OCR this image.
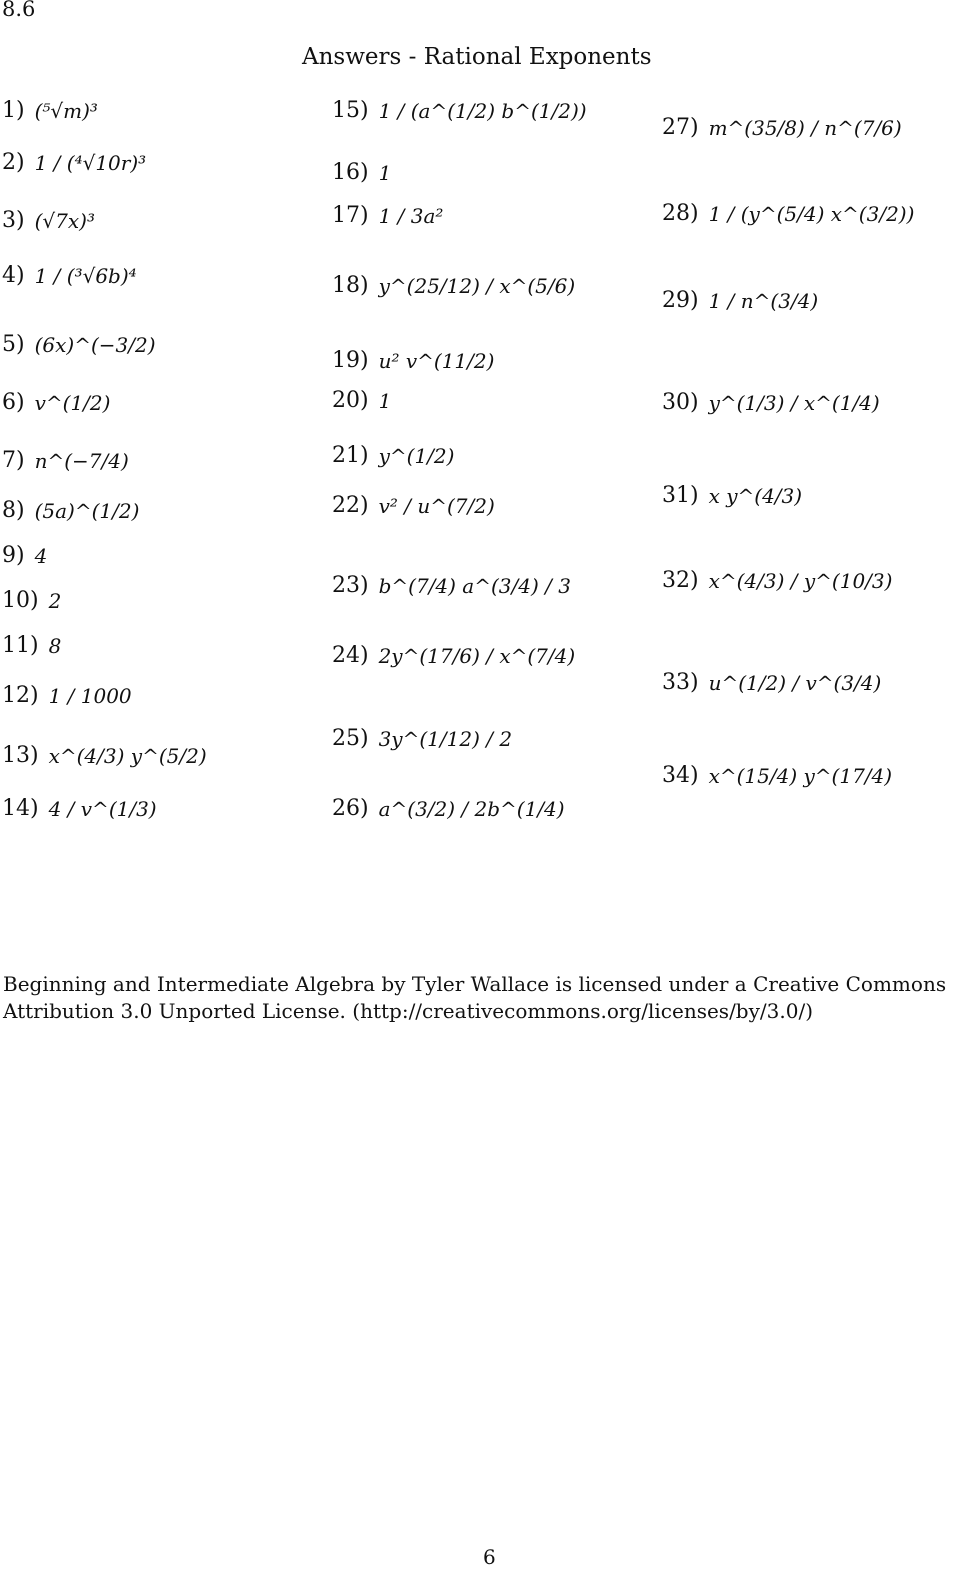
8.6
Answers - Rational Exponents
1) (⁵√m)³
2) 1 / (⁴√10r)³
3) (√7x)³
4) 1 / (³√6b)⁴
5) (6x)^(−3/2)
6) v^(1/2)
7) n^(−7/4)
8) (5a)^(1/2)
9) 4
10) 2
11) 8
12) 1 / 1000
13) x^(4/3) y^(5/2)
14) 4 / v^(1/3)
15) 1 / (a^(1/2) b^(1/2))
16) 1
17) 1 / 3a²
18) y^(25/12) / x^(5/6)
19) u² v^(11/2)
20) 1
21) y^(1/2)
22) v² / u^(7/2)
23) b^(7/4) a^(3/4) / 3
24) 2y^(17/6) / x^(7/4)
25) 3y^(1/12) / 2
26) a^(3/2) / 2b^(1/4)
27) m^(35/8) / n^(7/6)
28) 1 / (y^(5/4) x^(3/2))
29) 1 / n^(3/4)
30) y^(1/3) / x^(1/4)
31) x y^(4/3)
32) x^(4/3) / y^(10/3)
33) u^(1/2) / v^(3/4)
34) x^(15/4) y^(17/4)
Beginning and Intermediate Algebra by Tyler Wallace is licensed under a Creative Commons
Attribution 3.0 Unported License. (http://creativecommons.org/licenses/by/3.0/)
6
